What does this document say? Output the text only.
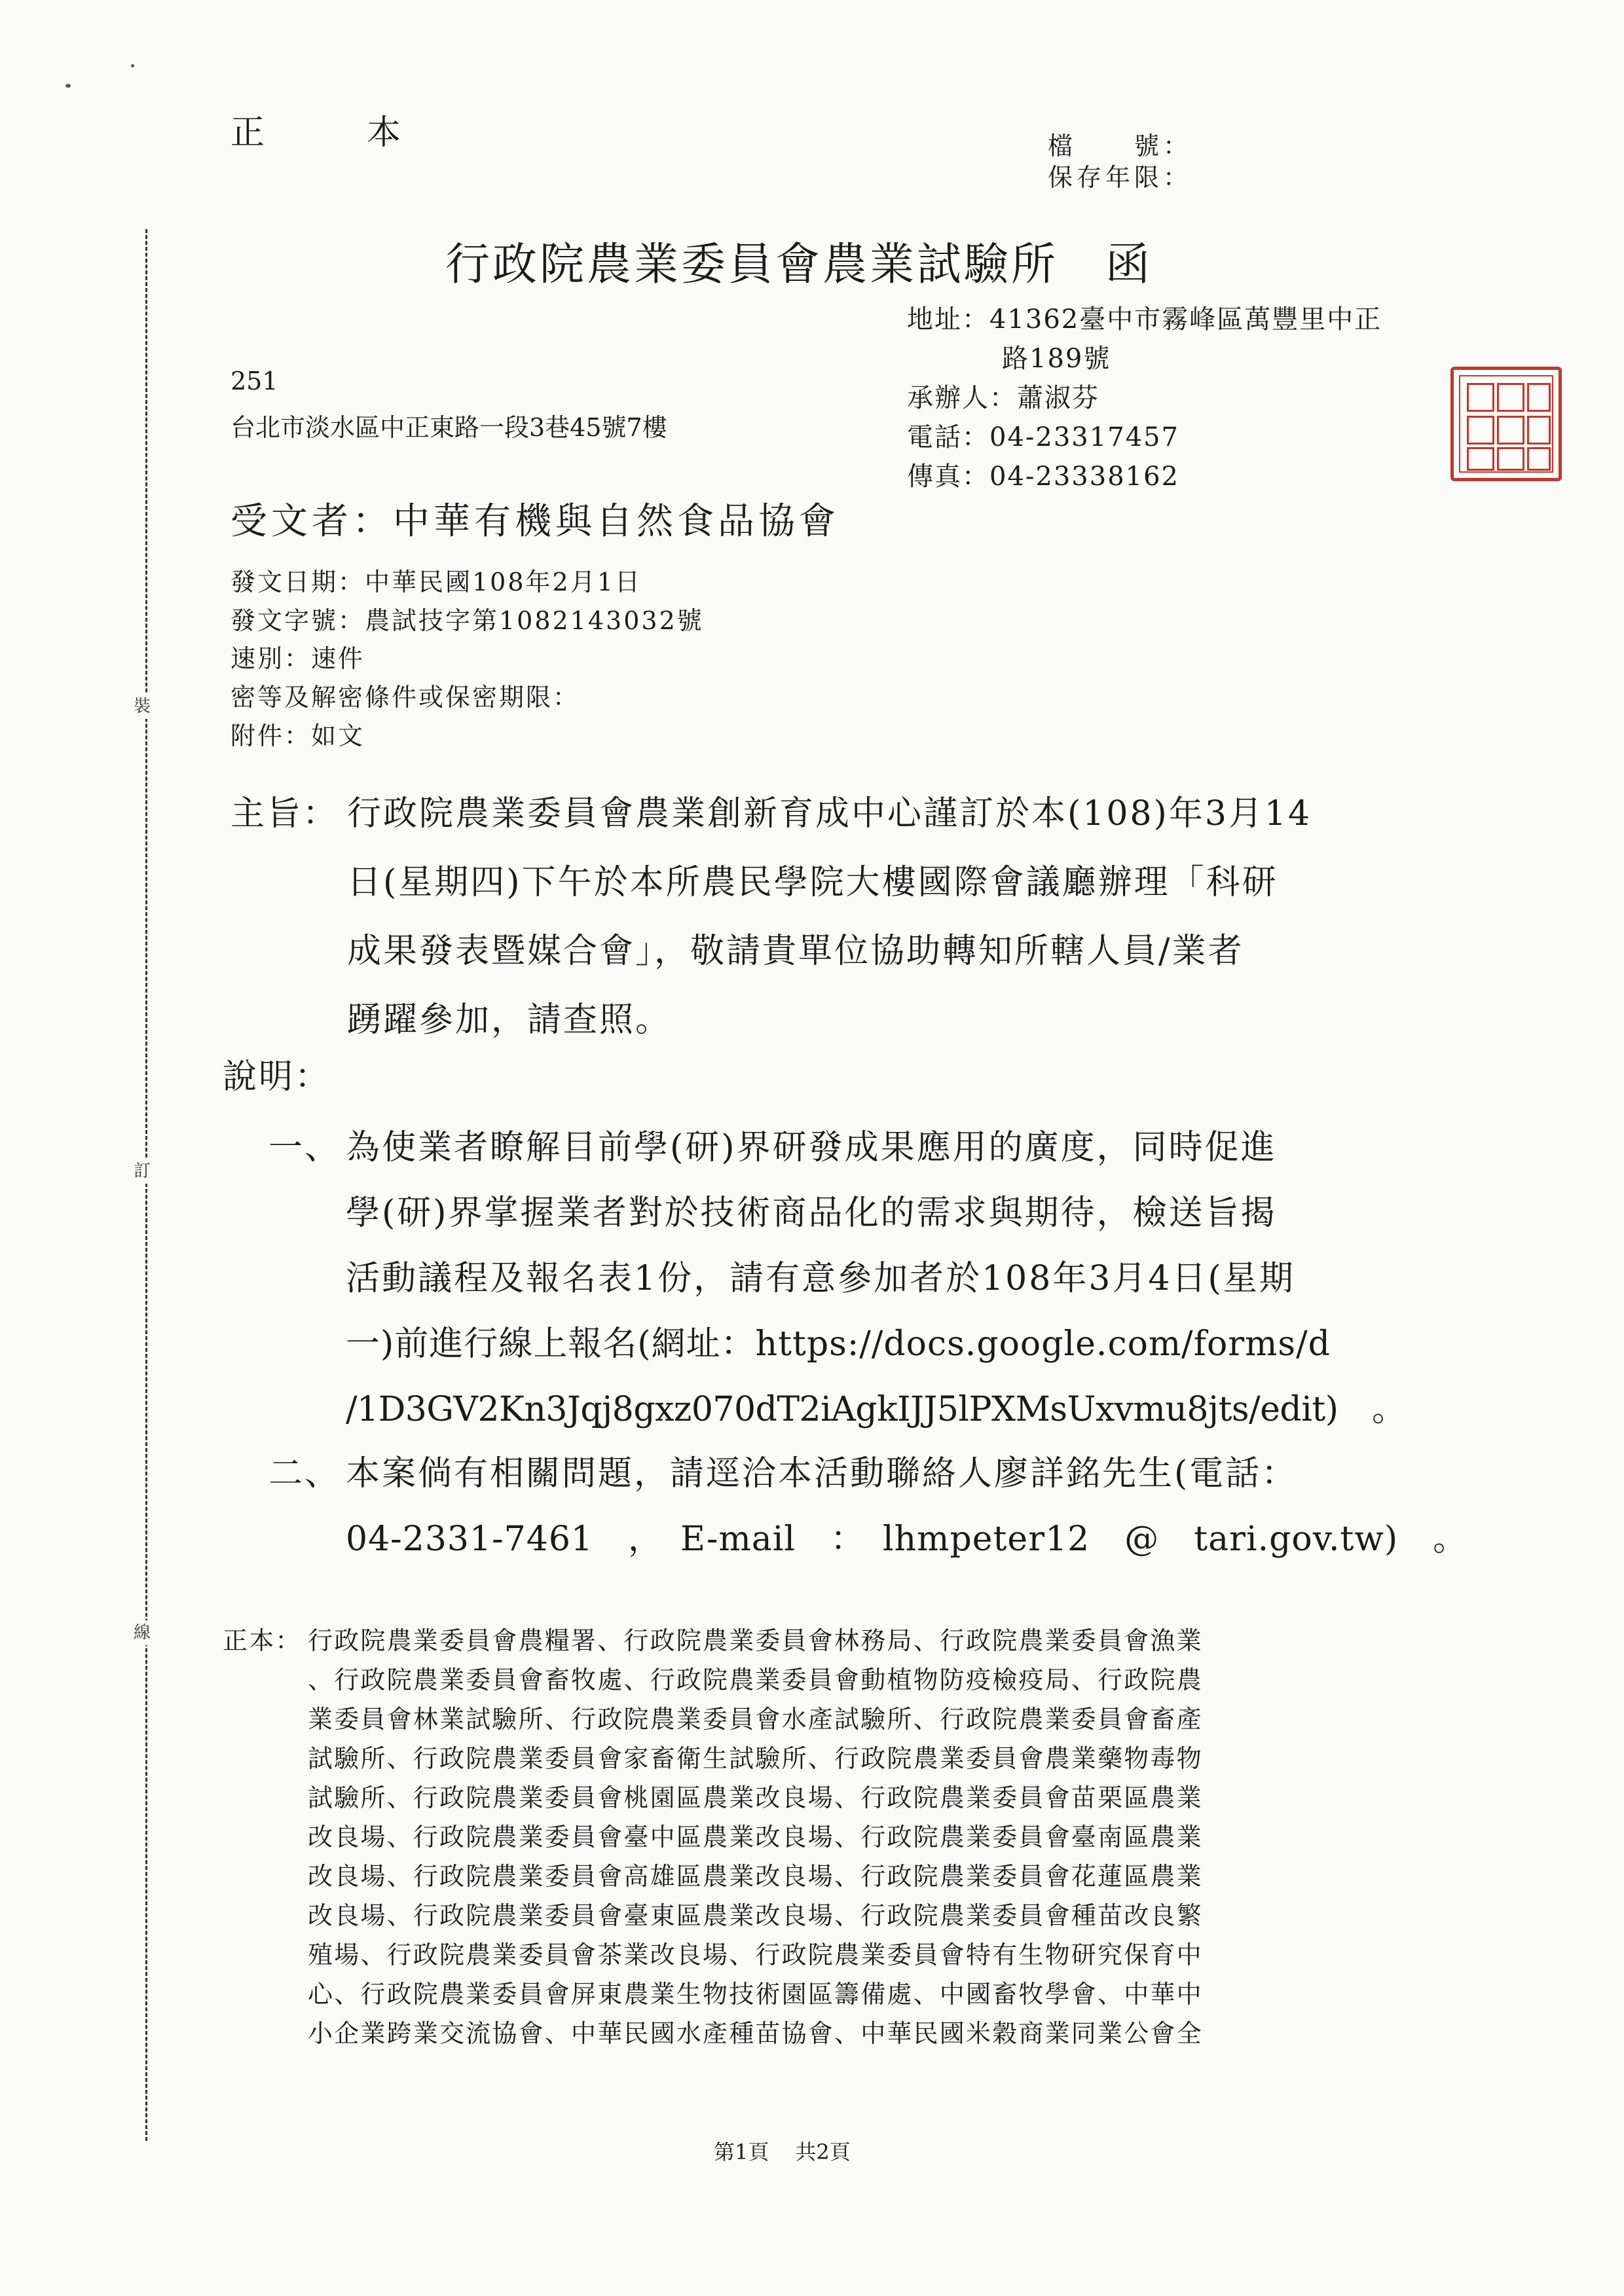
裝
訂
線
正　本	檔　　號：
保存年限：
行政院農業委員會農業試驗所 函
地址：41362臺中市霧峰區萬豐里中正
路189號
承辦人：蕭淑芬
電話：04-23317457
傳真：04-23338162
251
台北市淡水區中正東路一段3巷45號7樓
受文者：中華有機與自然食品協會
發文日期：中華民國108年2月1日
發文字號：農試技字第1082143032號
速別：速件
密等及解密條件或保密期限：
附件：如文
主旨： 行政院農業委員會農業創新育成中心謹訂於本(108)年3月14
日(星期四)下午於本所農民學院大樓國際會議廳辦理「科研
成果發表暨媒合會」，敬請貴單位協助轉知所轄人員/業者
踴躍參加，請查照。
說明：
一、 為使業者瞭解目前學(研)界研發成果應用的廣度，同時促進
學(研)界掌握業者對於技術商品化的需求與期待，檢送旨揭
活動議程及報名表1份，請有意參加者於108年3月4日(星期
一)前進行線上報名(網址：https://docs.google.com/forms/d
/1D3GV2Kn3Jqj8gxz070dT2iAgkIJJ5lPXMsUxvmu8jts/edit)　。
二、 本案倘有相關問題，請逕洽本活動聯絡人廖詳銘先生(電話：
04-2331-7461　，　E-mail　：　lhmpeter12　@　tari.gov.tw)　。
正本： 行政院農業委員會農糧署、行政院農業委員會林務局、行政院農業委員會漁業
、行政院農業委員會畜牧處、行政院農業委員會動植物防疫檢疫局、行政院農
業委員會林業試驗所、行政院農業委員會水產試驗所、行政院農業委員會畜產
試驗所、行政院農業委員會家畜衛生試驗所、行政院農業委員會農業藥物毒物
試驗所、行政院農業委員會桃園區農業改良場、行政院農業委員會苗栗區農業
改良場、行政院農業委員會臺中區農業改良場、行政院農業委員會臺南區農業
改良場、行政院農業委員會高雄區農業改良場、行政院農業委員會花蓮區農業
改良場、行政院農業委員會臺東區農業改良場、行政院農業委員會種苗改良繁
殖場、行政院農業委員會茶業改良場、行政院農業委員會特有生物研究保育中
心、行政院農業委員會屏東農業生物技術園區籌備處、中國畜牧學會、中華中
小企業跨業交流協會、中華民國水產種苗協會、中華民國米穀商業同業公會全
第1頁 共2頁
